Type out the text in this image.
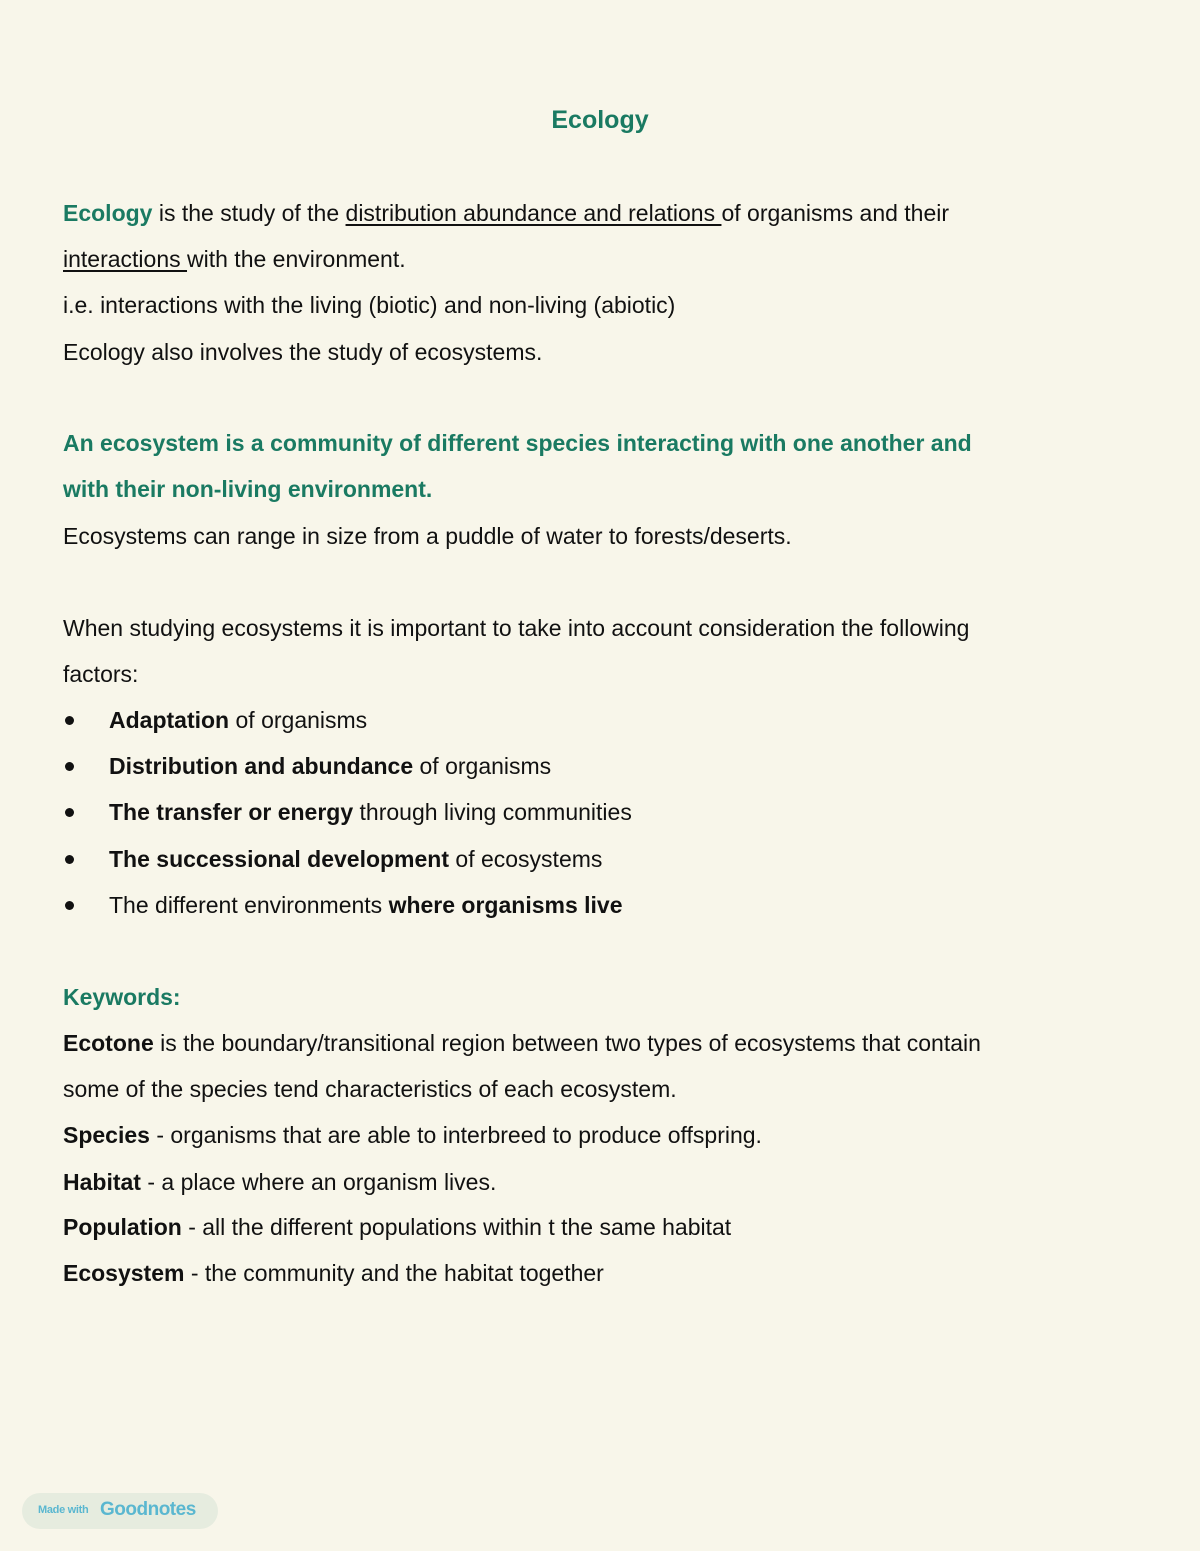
Ecology
Ecology is the study of the distribution abundance and relations of organisms and their
interactions with the environment.
i.e. interactions with the living (biotic) and non-living (abiotic)
Ecology also involves the study of ecosystems.
An ecosystem is a community of different species interacting with one another and
with their non-living environment.
Ecosystems can range in size from a puddle of water to forests/deserts.
When studying ecosystems it is important to take into account consideration the following
factors:
Adaptation of organisms
Distribution and abundance of organisms
The transfer or energy through living communities
The successional development of ecosystems
The different environments where organisms live
Keywords:
Ecotone is the boundary/transitional region between two types of ecosystems that contain
some of the species tend characteristics of each ecosystem.
Species - organisms that are able to interbreed to produce offspring.
Habitat - a place where an organism lives.
Population - all the different populations within t the same habitat
Ecosystem - the community and the habitat together
Made with Goodnotes
